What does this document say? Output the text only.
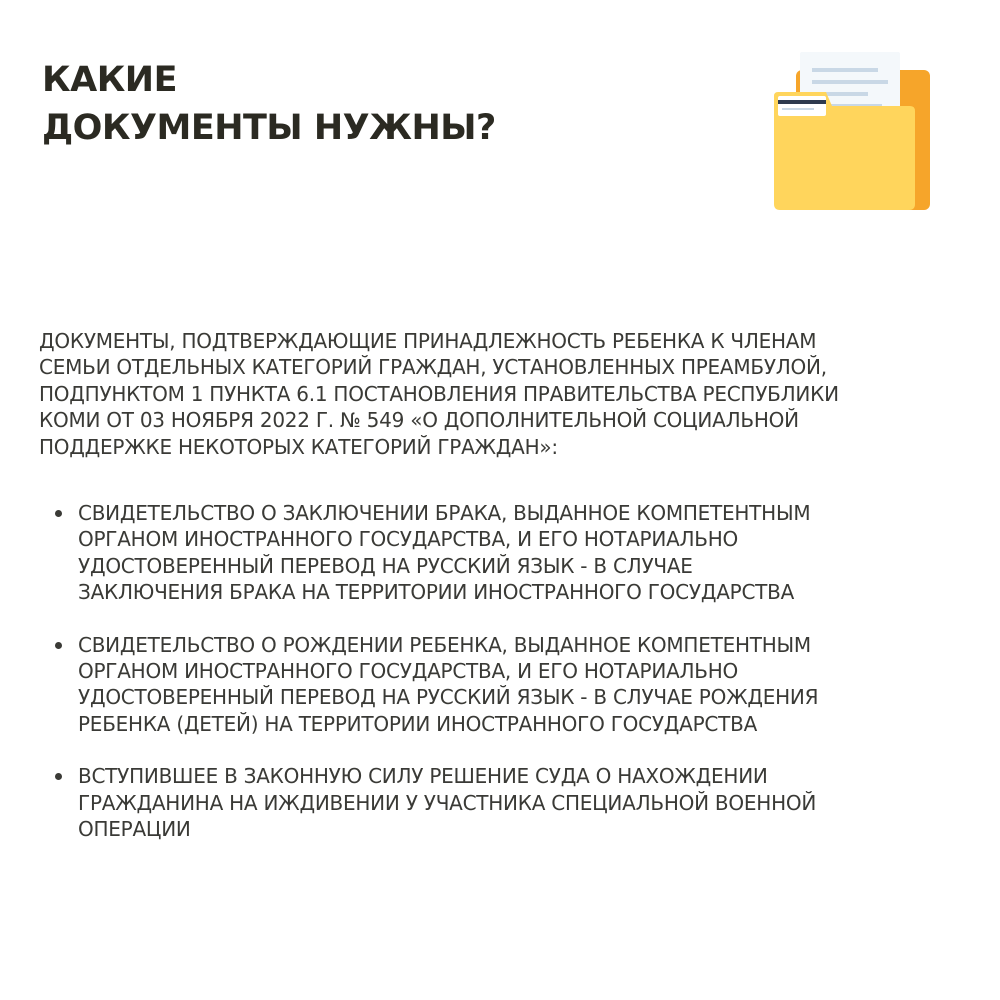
КАКИЕ
ДОКУМЕНТЫ НУЖНЫ?

ДОКУМЕНТЫ, ПОДТВЕРЖДАЮЩИЕ ПРИНАДЛЕЖНОСТЬ РЕБЕНКА К ЧЛЕНАМ
СЕМЬИ ОТДЕЛЬНЫХ КАТЕГОРИЙ ГРАЖДАН, УСТАНОВЛЕННЫХ ПРЕАМБУЛОЙ,
ПОДПУНКТОМ 1 ПУНКТА 6.1 ПОСТАНОВЛЕНИЯ ПРАВИТЕЛЬСТВА РЕСПУБЛИКИ
КОМИ ОТ 03 НОЯБРЯ 2022 Г. № 549 «О ДОПОЛНИТЕЛЬНОЙ СОЦИАЛЬНОЙ
ПОДДЕРЖКЕ НЕКОТОРЫХ КАТЕГОРИЙ ГРАЖДАН»:

СВИДЕТЕЛЬСТВО О ЗАКЛЮЧЕНИИ БРАКА, ВЫДАННОЕ КОМПЕТЕНТНЫМ
ОРГАНОМ ИНОСТРАННОГО ГОСУДАРСТВА, И ЕГО НОТАРИАЛЬНО
УДОСТОВЕРЕННЫЙ ПЕРЕВОД НА РУССКИЙ ЯЗЫК - В СЛУЧАЕ
ЗАКЛЮЧЕНИЯ БРАКА НА ТЕРРИТОРИИ ИНОСТРАННОГО ГОСУДАРСТВА
СВИДЕТЕЛЬСТВО О РОЖДЕНИИ РЕБЕНКА, ВЫДАННОЕ КОМПЕТЕНТНЫМ
ОРГАНОМ ИНОСТРАННОГО ГОСУДАРСТВА, И ЕГО НОТАРИАЛЬНО
УДОСТОВЕРЕННЫЙ ПЕРЕВОД НА РУССКИЙ ЯЗЫК - В СЛУЧАЕ РОЖДЕНИЯ
РЕБЕНКА (ДЕТЕЙ) НА ТЕРРИТОРИИ ИНОСТРАННОГО ГОСУДАРСТВА
ВСТУПИВШЕЕ В ЗАКОННУЮ СИЛУ РЕШЕНИЕ СУДА О НАХОЖДЕНИИ
ГРАЖДАНИНА НА ИЖДИВЕНИИ У УЧАСТНИКА СПЕЦИАЛЬНОЙ ВОЕННОЙ
ОПЕРАЦИИ
